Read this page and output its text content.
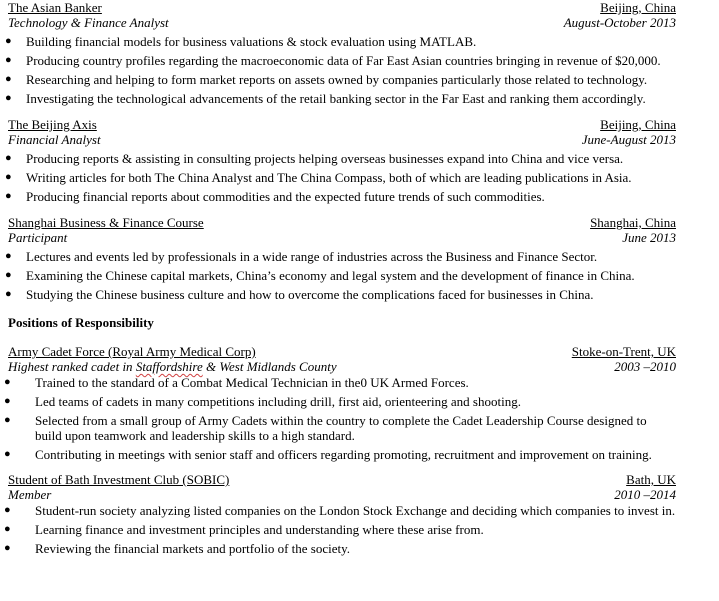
The Asian Banker	Beijing, China
Technology & Finance Analyst	August-October 2013
● Building financial models for business valuations & stock evaluation using MATLAB.
● Producing country profiles regarding the macroeconomic data of Far East Asian countries bringing in revenue of $20,000.
● Researching and helping to form market reports on assets owned by companies particularly those related to technology.
● Investigating the technological advancements of the retail banking sector in the Far East and ranking them accordingly.
The Beijing Axis	Beijing, China
Financial Analyst	June-August 2013
● Producing reports & assisting in consulting projects helping overseas businesses expand into China and vice versa.
● Writing articles for both The China Analyst and The China Compass, both of which are leading publications in Asia.
● Producing financial reports about commodities and the expected future trends of such commodities.
Shanghai Business & Finance Course	Shanghai, China
Participant	June 2013
● Lectures and events led by professionals in a wide range of industries across the Business and Finance Sector.
● Examining the Chinese capital markets, China’s economy and legal system and the development of finance in China.
● Studying the Chinese business culture and how to overcome the complications faced for businesses in China.
Positions of Responsibility
Army Cadet Force (Royal Army Medical Corp)	Stoke-on-Trent, UK
Highest ranked cadet in Staffordshire & West Midlands County	2003 –2010
● Trained to the standard of a Combat Medical Technician in the0 UK Armed Forces.
● Led teams of cadets in many competitions including drill, first aid, orienteering and shooting.
● Selected from a small group of Army Cadets within the country to complete the Cadet Leadership Course designed to build upon teamwork and leadership skills to a high standard.
● Contributing in meetings with senior staff and officers regarding promoting, recruitment and improvement on training.
Student of Bath Investment Club (SOBIC)	Bath, UK
Member	2010 –2014
● Student-run society analyzing listed companies on the London Stock Exchange and deciding which companies to invest in.
● Learning finance and investment principles and understanding where these arise from.
● Reviewing the financial markets and portfolio of the society.
